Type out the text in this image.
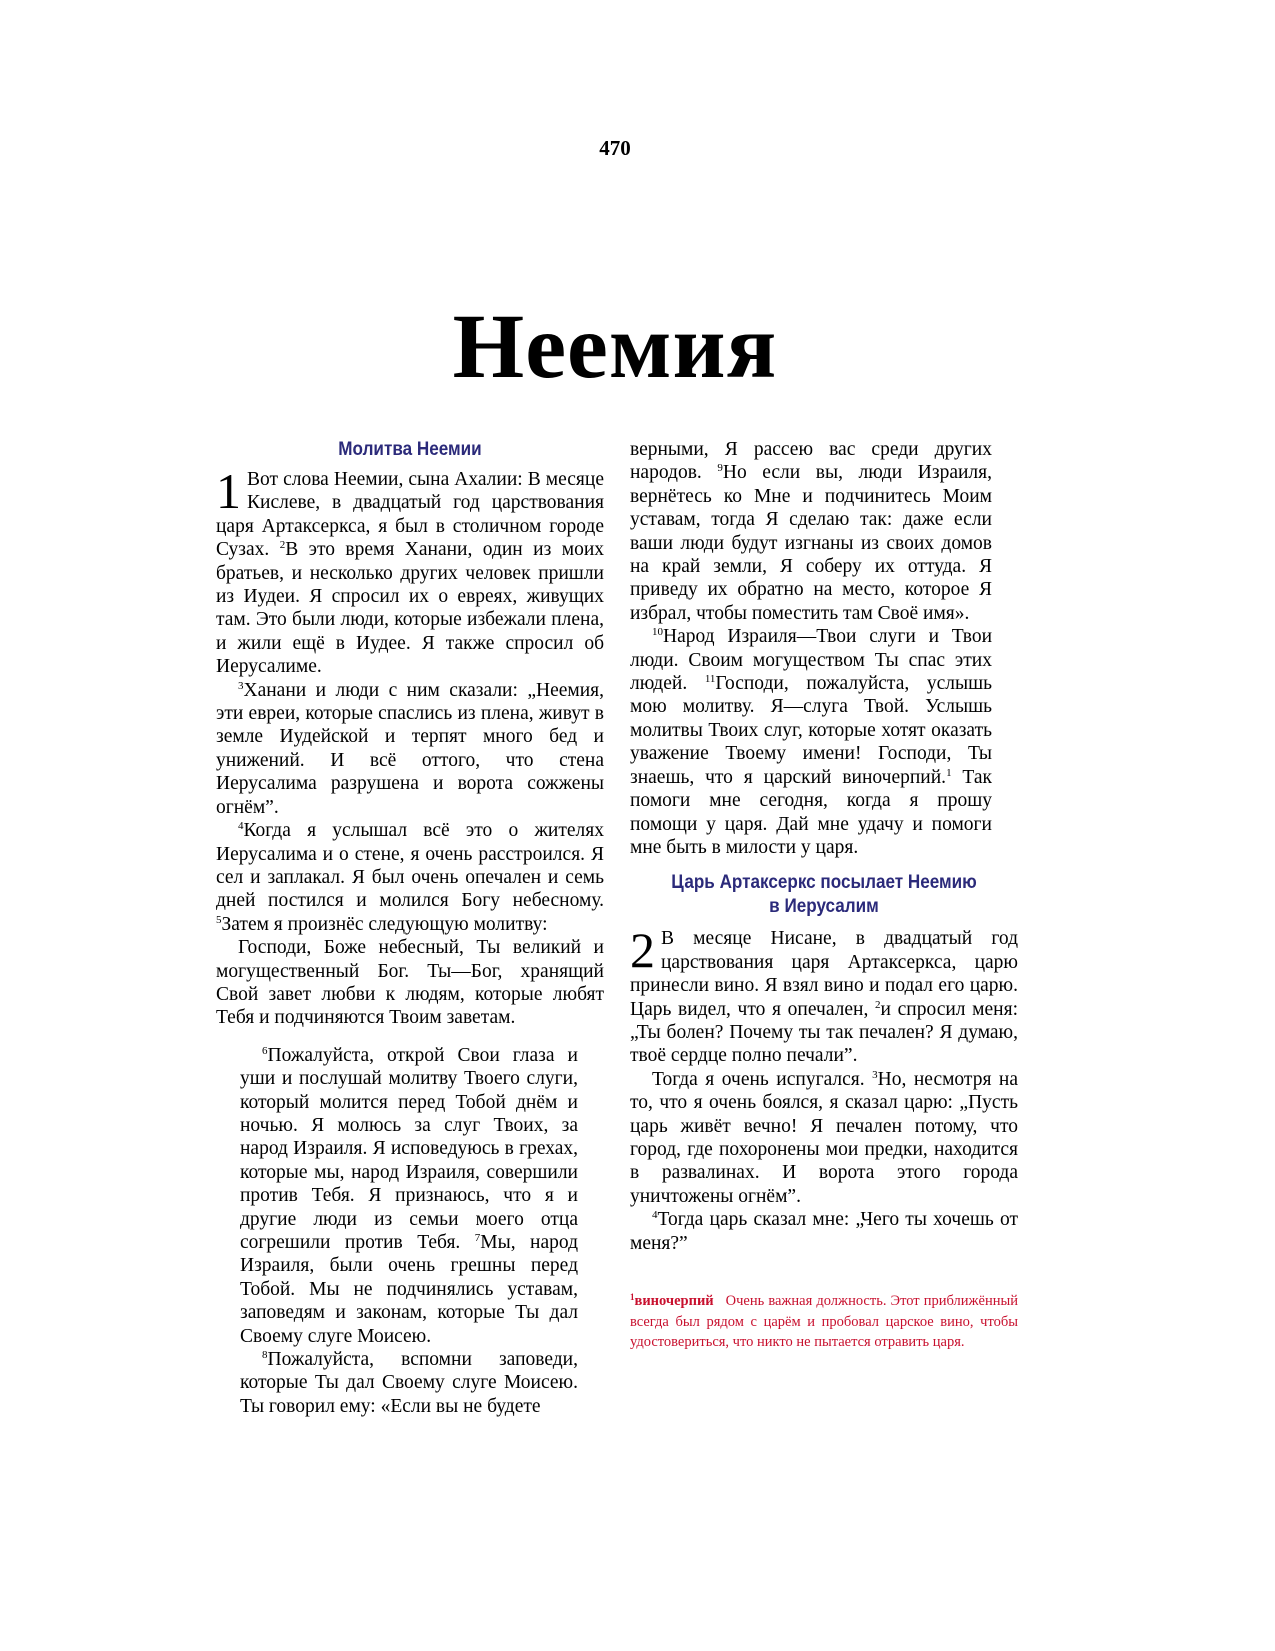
470
Неемия
Молитва Неемии

1 Вот слова Неемии, сына Ахалии: В месяце Кислеве, в двадцатый год царствования царя Артаксеркса, я был в столичном городе Сузах. $^2$В это время Ханани, один из моих братьев, и несколько других человек пришли из Иудеи. Я спросил их о евреях, живущих там. Это были люди, которые избежали плена, и жили ещё в Иудее. Я также спросил об Иерусалиме.

$^3$Ханани и люди с ним сказали: „Неемия, эти евреи, которые спаслись из плена, живут в земле Иудейской и терпят много бед и унижений. И всё оттого, что стена Иерусалима разрушена и ворота сожжены огнём”.

$^4$Когда я услышал всё это о жителях Иерусалима и о стене, я очень расстроился. Я сел и заплакал. Я был очень опечален и семь дней постился и молился Богу небесному. $^5$Затем я произнёс следующую молитву:

Господи, Боже небесный, Ты великий и могущественный Бог. Ты—Бог, хранящий Свой завет любви к людям, которые любят Тебя и подчиняются Твоим заветам.

$^6$Пожалуйста, открой Свои глаза и уши и послушай молитву Твоего слуги, который молится перед Тобой днём и ночью. Я молюсь за слуг Твоих, за народ Израиля. Я исповедуюсь в грехах, которые мы, народ Израиля, совершили против Тебя. Я признаюсь, что я и другие люди из семьи моего отца согрешили против Тебя. $^7$Мы, народ Израиля, были очень грешны перед Тобой. Мы не подчинялись уставам, заповедям и законам, которые Ты дал Своему слуге Моисею.

$^8$Пожалуйста, вспомни заповеди, которые Ты дал Своему слуге Моисею. Ты говорил ему: «Если вы не будете

верными, Я рассею вас среди других народов. $^9$Но если вы, люди Израиля, вернётесь ко Мне и подчинитесь Моим уставам, тогда Я сделаю так: даже если ваши люди будут изгнаны из своих домов на край земли, Я соберу их оттуда. Я приведу их обратно на место, которое Я избрал, чтобы поместить там Своё имя».

$^{10}$Народ Израиля—Твои слуги и Твои люди. Своим могуществом Ты спас этих людей. $^{11}$Господи, пожалуйста, услышь мою молитву. Я—слуга Твой. Услышь молитвы Твоих слуг, которые хотят оказать уважение Твоему имени! Господи, Ты знаешь, что я царский виночерпий.$^1$ Так помоги мне сегодня, когда я прошу помощи у царя. Дай мне удачу и помоги мне быть в милости у царя.

Царь Артаксеркс посылает Неемию
в Иерусалим

2 В месяце Нисане, в двадцатый год царствования царя Артаксеркса, царю принесли вино. Я взял вино и подал его царю. Царь видел, что я опечален, $^2$и спросил меня: „Ты болен? Почему ты так печален? Я думаю, твоё сердце полно печали”.

Тогда я очень испугался. $^3$Но, несмотря на то, что я очень боялся, я сказал царю: „Пусть царь живёт вечно! Я печален потому, что город, где похоронены мои предки, находится в развалинах. И ворота этого города уничтожены огнём”.

$^4$Тогда царь сказал мне: „Чего ты хочешь от меня?”

$^1$виночерпий Очень важная должность. Этот приближённый всегда был рядом с царём и пробовал царское вино, чтобы удостовериться, что никто не пытается отравить царя.
